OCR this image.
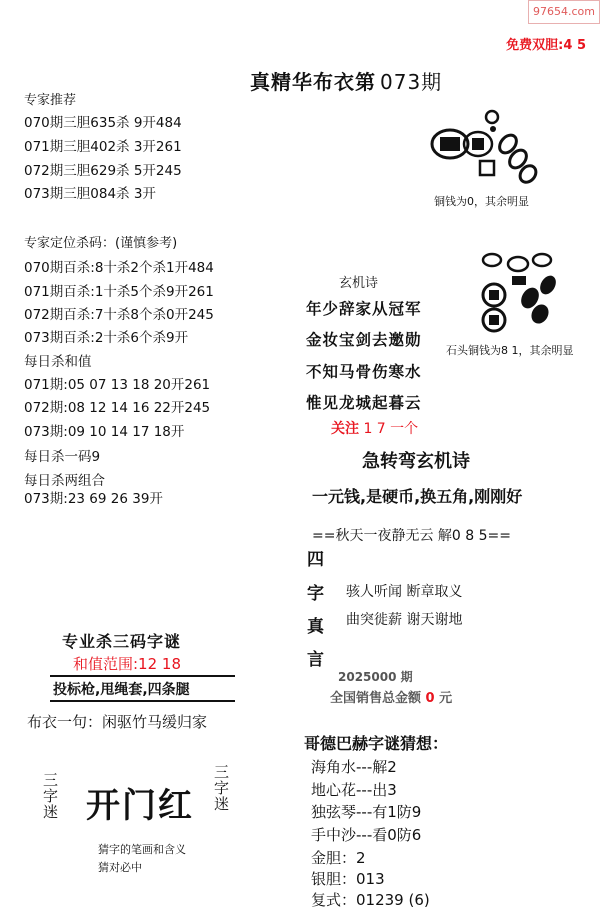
97654.com
免费双胆:4 5
真精华布衣第 073期
专家推荐
070期三胆635杀 9开484
071期三胆402杀 3开261
072期三胆629杀 5开245
073期三胆084杀 3开
专家定位杀码：(谨慎参考)
070期百杀:8十杀2个杀1开484
071期百杀:1十杀5个杀9开261
072期百杀:7十杀8个杀0开245
073期百杀:2十杀6个杀9开
每日杀和值
071期:05 07 13 18 20开261
072期:08 12 14 16 22开245
073期:09 10 14 17 18开
每日杀一码9
每日杀两组合
073期:23 69 26 39开
铜钱为0，其余明显
石头铜钱为8 1，其余明显
玄机诗
年少辞家从冠军
金妆宝剑去邀勋
不知马骨伤寒水
惟见龙城起暮云
关注 1 7 一个
急转弯玄机诗
一元钱,是硬币,换五角,刚刚好
==秋天一夜静无云 解0 8 5==
四
字
真
言
骇人听闻 断章取义
曲突徙薪 谢天谢地
2025000 期
全国销售总金额 0 元
专业杀三码字谜
和值范围:12 18
投标枪,甩绳套,四条腿
布衣一句：闲驱竹马缓归家
三字迷 开门红 三字迷
猜字的笔画和含义
猜对必中
哥德巴赫字谜猜想：
海角水---解2
地心花---出3
独弦琴---有1防9
手中沙---看0防6
金胆：2
银胆：013
复式：01239 (6)
